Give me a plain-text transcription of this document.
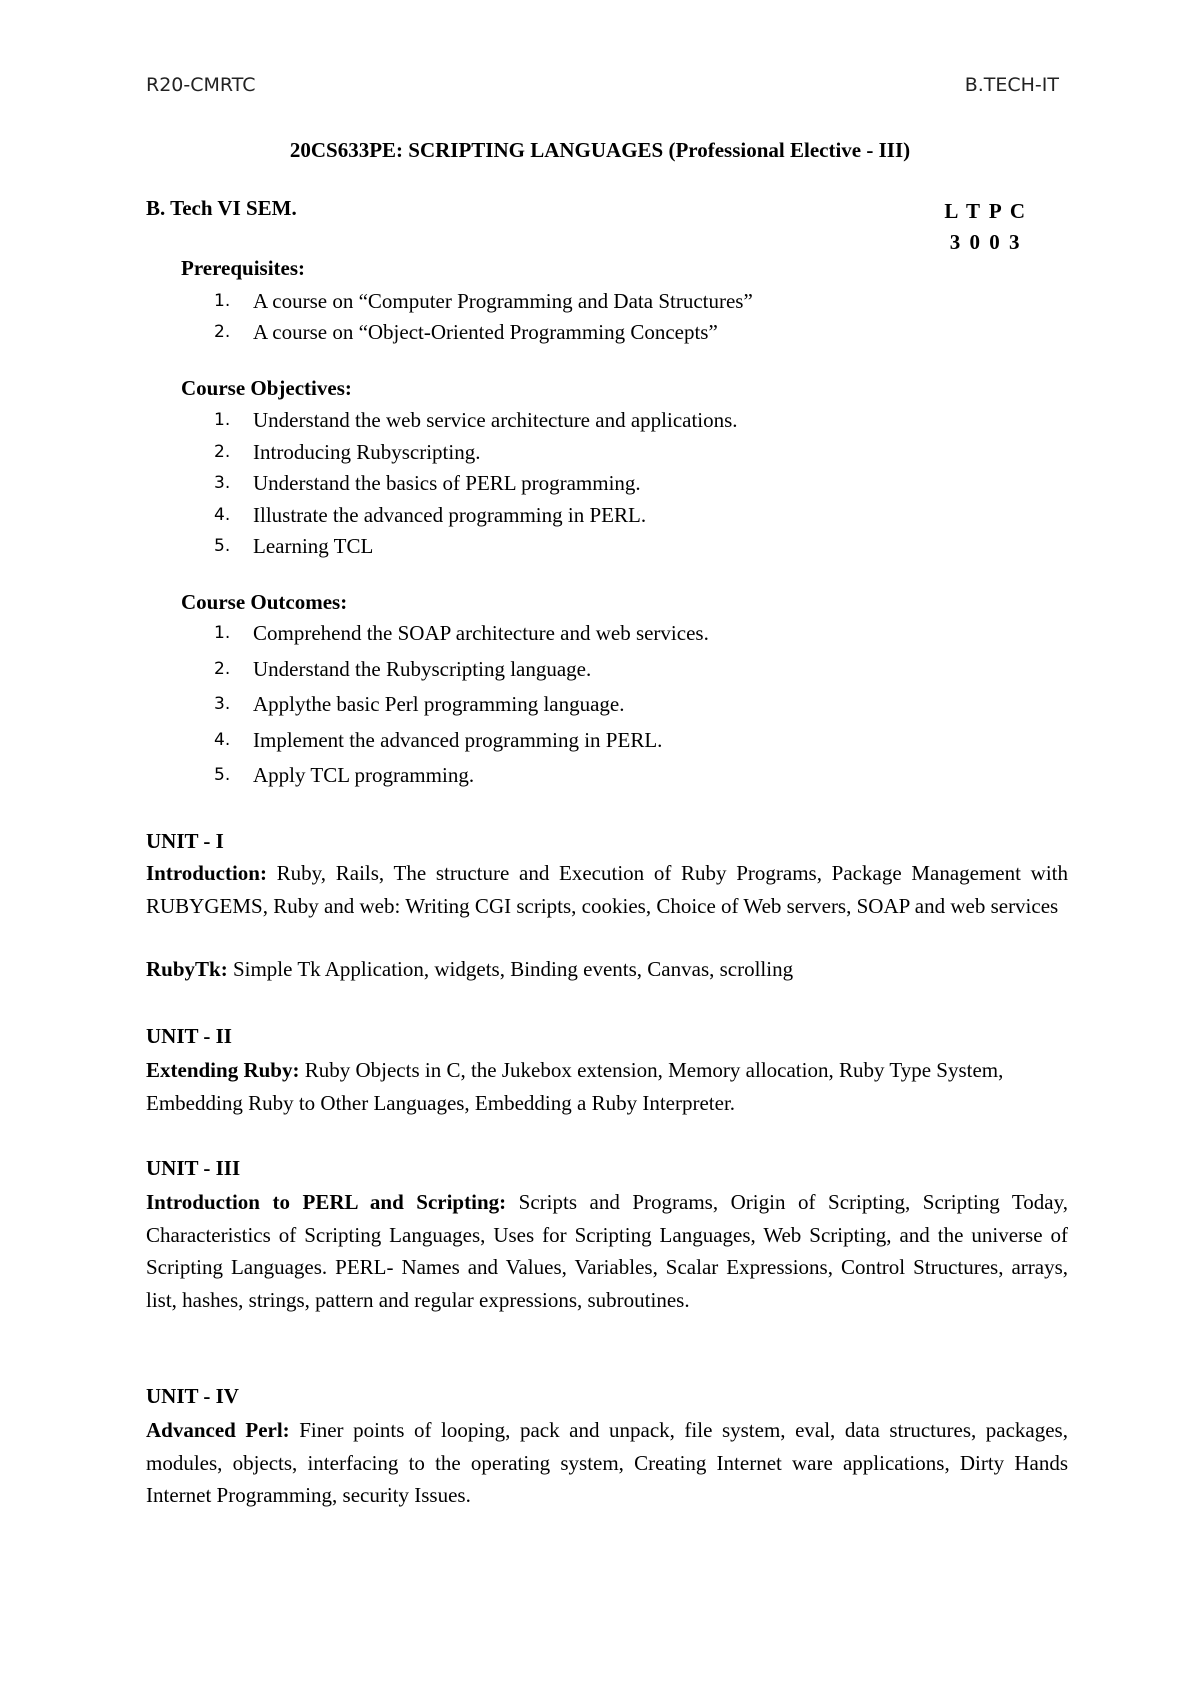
R20-CMRTC	B.TECH-IT
20CS633PE: SCRIPTING LANGUAGES (Professional Elective - III)
B. Tech VI SEM.	L T P C
3 0 0 3
Prerequisites:
1. A course on “Computer Programming and Data Structures”
2. A course on “Object-Oriented Programming Concepts”
Course Objectives:
1. Understand the web service architecture and applications.
2. Introducing Rubyscripting.
3. Understand the basics of PERL programming.
4. Illustrate the advanced programming in PERL.
5. Learning TCL
Course Outcomes:
1. Comprehend the SOAP architecture and web services.
2. Understand the Rubyscripting language.
3. Applythe basic Perl programming language.
4. Implement the advanced programming in PERL.
5. Apply TCL programming.
UNIT - I

Introduction: Ruby, Rails, The structure and Execution of Ruby Programs, Package Management with RUBYGEMS, Ruby and web: Writing CGI scripts, cookies, Choice of Web servers, SOAP and web services

RubyTk: Simple Tk Application, widgets, Binding events, Canvas, scrolling
UNIT - II

Extending Ruby: Ruby Objects in C, the Jukebox extension, Memory allocation, Ruby Type System, Embedding Ruby to Other Languages, Embedding a Ruby Interpreter.

UNIT - III

Introduction to PERL and Scripting: Scripts and Programs, Origin of Scripting, Scripting Today, Characteristics of Scripting Languages, Uses for Scripting Languages, Web Scripting, and the universe of Scripting Languages. PERL- Names and Values, Variables, Scalar Expressions, Control Structures, arrays, list, hashes, strings, pattern and regular expressions, subroutines.

UNIT - IV

Advanced Perl: Finer points of looping, pack and unpack, file system, eval, data structures, packages, modules, objects, interfacing to the operating system, Creating Internet ware applications, Dirty Hands Internet Programming, security Issues.
